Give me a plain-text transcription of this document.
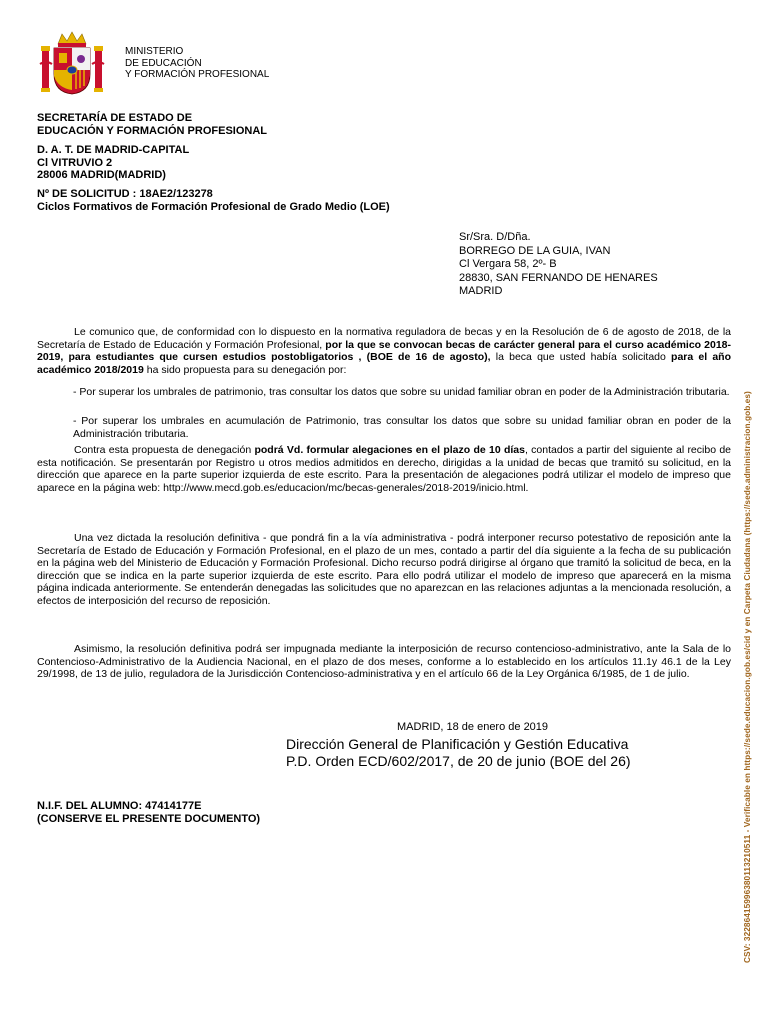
MINISTERIO
DE EDUCACIÓN
Y FORMACIÓN PROFESIONAL
SECRETARÍA DE ESTADO DE
EDUCACIÓN Y FORMACIÓN PROFESIONAL
D. A. T. DE MADRID-CAPITAL
Cl VITRUVIO 2
28006 MADRID(MADRID)
Nº DE SOLICITUD : 18AE2/123278
Ciclos Formativos de Formación Profesional de Grado Medio (LOE)
Sr/Sra. D/Dña.
BORREGO DE LA GUIA, IVAN
Cl Vergara 58, 2º- B
28830, SAN FERNANDO DE HENARES
MADRID
Le comunico que, de conformidad con lo dispuesto en la normativa reguladora de becas y en la Resolución de 6 de agosto de 2018, de la Secretaría de Estado de Educación y Formación Profesional, por la que se convocan becas de carácter general para el curso académico 2018-2019, para estudiantes que cursen estudios postobligatorios , (BOE de 16 de agosto), la beca que usted había solicitado para el año académico 2018/2019 ha sido propuesta para su denegación por:
- Por superar los umbrales de patrimonio, tras consultar los datos que sobre su unidad familiar obran en poder de la Administración tributaria.
- Por superar los umbrales en acumulación de Patrimonio, tras consultar los datos que sobre su unidad familiar obran en poder de la Administración tributaria.
Contra esta propuesta de denegación podrá Vd. formular alegaciones en el plazo de 10 días, contados a partir del siguiente al recibo de esta notificación. Se presentarán por Registro u otros medios admitidos en derecho, dirigidas a la unidad de becas que tramitó su solicitud, en la dirección que aparece en la parte superior izquierda de este escrito. Para la presentación de alegaciones podrá utilizar el modelo de impreso que aparece en la página web: http://www.mecd.gob.es/educacion/mc/becas-generales/2018-2019/inicio.html.
Una vez dictada la resolución definitiva - que pondrá fin a la vía administrativa - podrá interponer recurso potestativo de reposición ante la Secretaría de Estado de Educación y Formación Profesional, en el plazo de un mes, contado a partir del día siguiente a la fecha de su publicación en la página web del Ministerio de Educación y Formación Profesional. Dicho recurso podrá dirigirse al órgano que tramitó la solicitud de beca, en la dirección que se indica en la parte superior izquierda de este escrito. Para ello podrá utilizar el modelo de impreso que aparecerá en la misma página indicada anteriormente. Se entenderán denegadas las solicitudes que no aparezcan en las relaciones adjuntas a la mencionada resolución, a efectos de interposición del recurso de reposición.
Asimismo, la resolución definitiva podrá ser impugnada mediante la interposición de recurso contencioso-administrativo, ante la Sala de lo Contencioso-Administrativo de la Audiencia Nacional, en el plazo de dos meses, conforme a lo establecido en los artículos 11.1y 46.1 de la Ley 29/1998, de 13 de julio, reguladora de la Jurisdicción Contencioso-administrativa y en el artículo 66 de la Ley Orgánica 6/1985, de 1 de julio.
MADRID, 18 de enero de 2019
Dirección General de Planificación y Gestión Educativa
P.D. Orden ECD/602/2017, de 20 de junio (BOE del 26)
N.I.F. DEL ALUMNO: 47414177E
(CONSERVE EL PRESENTE DOCUMENTO)	CSV: 32286415996380113210511 - Verificable en https://sede.educacion.gob.es/cid y en Carpeta Ciudadana (https://sede.administracion.gob.es)
